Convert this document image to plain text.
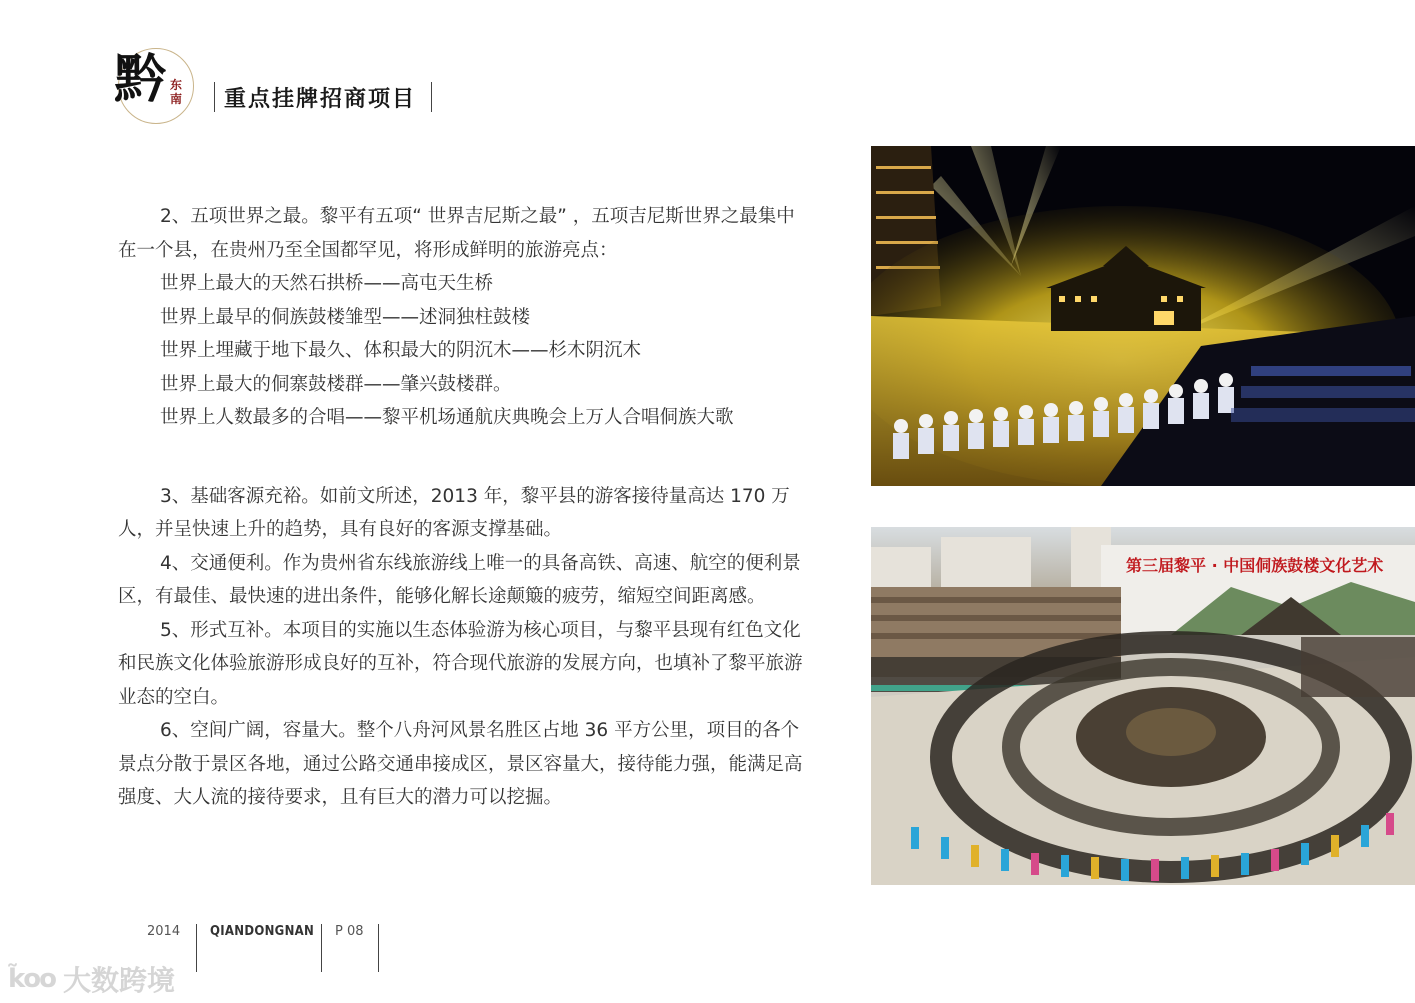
黔 东南 重点挂牌招商项目

2、五项世界之最。黎平有五项“ 世界吉尼斯之最” ，五项吉尼斯世界之最集中在一个县，在贵州乃至全国都罕见，将形成鲜明的旅游亮点：

世界上最大的天然石拱桥——高屯天生桥

世界上最早的侗族鼓楼雏型——述洞独柱鼓楼

世界上埋藏于地下最久、体积最大的阴沉木——杉木阴沉木

世界上最大的侗寨鼓楼群——肇兴鼓楼群。

世界上人数最多的合唱——黎平机场通航庆典晚会上万人合唱侗族大歌

3、基础客源充裕。如前文所述，2013 年，黎平县的游客接待量高达 170 万人，并呈快速上升的趋势，具有良好的客源支撑基础。

4、交通便利。作为贵州省东线旅游线上唯一的具备高铁、高速、航空的便利景区，有最佳、最快速的进出条件，能够化解长途颠簸的疲劳，缩短空间距离感。

5、形式互补。本项目的实施以生态体验游为核心项目，与黎平县现有红色文化和民族文化体验旅游形成良好的互补，符合现代旅游的发展方向，也填补了黎平旅游业态的空白。

6、空间广阔，容量大。整个八舟河风景名胜区占地 36 平方公里，项目的各个景点分散于景区各地，通过公路交通串接成区，景区容量大，接待能力强，能满足高强度、大人流的接待要求，且有巨大的潜力可以挖掘。

第三届黎平 · 中国侗族鼓楼文化艺术
2014 QIANDONGNAN P 08
k̃oo 大数跨境
